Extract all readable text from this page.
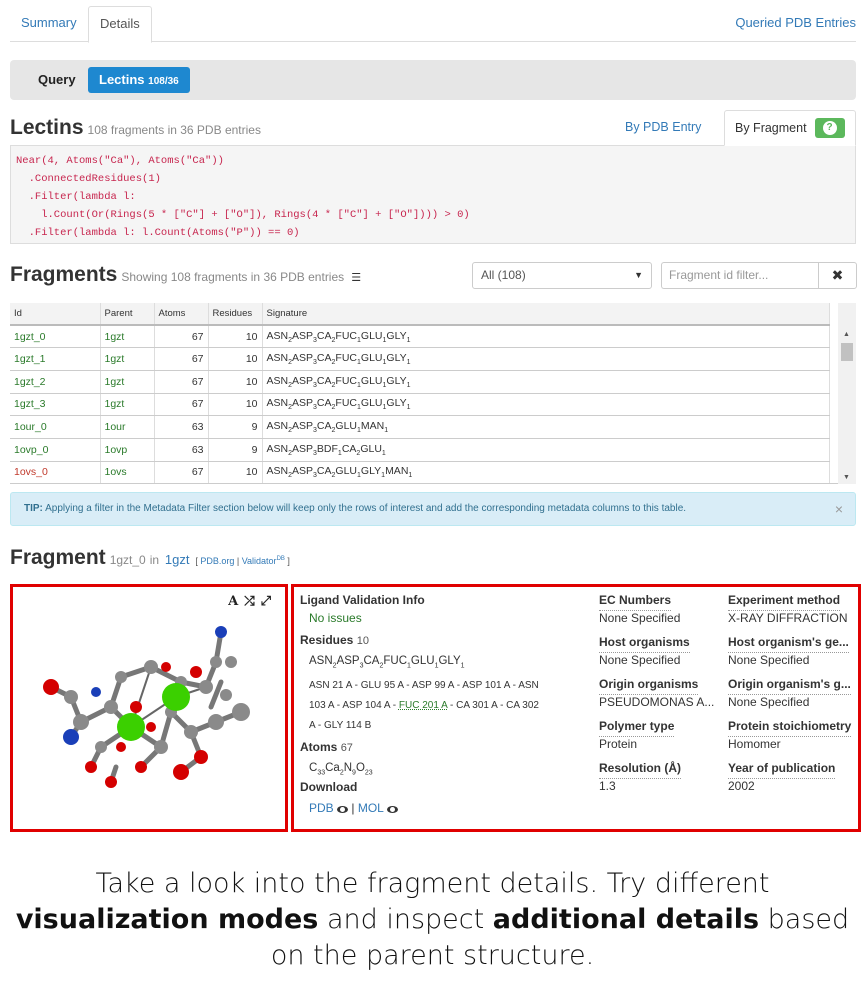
Summary	Details	Queried PDB Entries
Query	Lectins 108/36
Lectins 108 fragments in 36 PDB entries	By PDB Entry	By Fragment	?
Near(4, Atoms("Ca"), Atoms("Ca"))
.ConnectedResidues(1)
.Filter(lambda l:
l.Count(Or(Rings(5 * ["C"] + ["O"]), Rings(4 * ["C"] + ["O"]))) > 0)
.Filter(lambda l: l.Count(Atoms("P")) == 0)
Fragments Showing 108 fragments in 36 PDB entries ☰	All (108)	▼	Fragment id filter...	✖
Id	Parent	Atoms	Residues	Signature
1gzt_0	1gzt	67	10	$ASN_2ASP_3CA_2FUC_1GLU_1GLY_1$
1gzt_1	1gzt	67	10	$ASN_2ASP_3CA_2FUC_1GLU_1GLY_1$
1gzt_2	1gzt	67	10	$ASN_2ASP_3CA_2FUC_1GLU_1GLY_1$
1gzt_3	1gzt	67	10	$ASN_2ASP_3CA_2FUC_1GLU_1GLY_1$
1our_0	1our	63	9	$ASN_2ASP_3CA_2GLU_1MAN_1$
1ovp_0	1ovp	63	9	$ASN_2ASP_3BDF_1CA_2GLU_1$
1ovs_0	1ovs	67	10	$ASN_2ASP_3CA_2GLU_1GLY_1MAN_1$
▲
▼
TIP: Applying a filter in the Metadata Filter section below will keep only the rows of interest and add the corresponding metadata columns to this table.	×
Fragment 1gzt_0 in 1gzt [ PDB.org | Validator$^{DB}$ ]
A⤮⤢ Ligand Validation Info
No issues
Residues 10
$ASN_2ASP_3CA_2FUC_1GLU_1GLY_1$
ASN 21 A - GLU 95 A - ASP 99 A - ASP 101 A - ASN
103 A - ASP 104 A - FUC 201 A - CA 301 A - CA 302
A - GLY 114 B
Atoms 67
$C_{33}Ca_2N_9O_{23}$
Download
PDB | MOL
EC Numbers
None Specified
Host organisms
None Specified
Origin organisms
PSEUDOMONAS A...
Polymer type
Protein
Resolution (Å)
1.3
Experiment method
X-RAY DIFFRACTION
Host organism's ge...
None Specified
Origin organism's g...
None Specified
Protein stoichiometry
Homomer
Year of publication
2002
Take a look into the fragment details. Try different visualization modes and inspect additional details based on the parent structure.
